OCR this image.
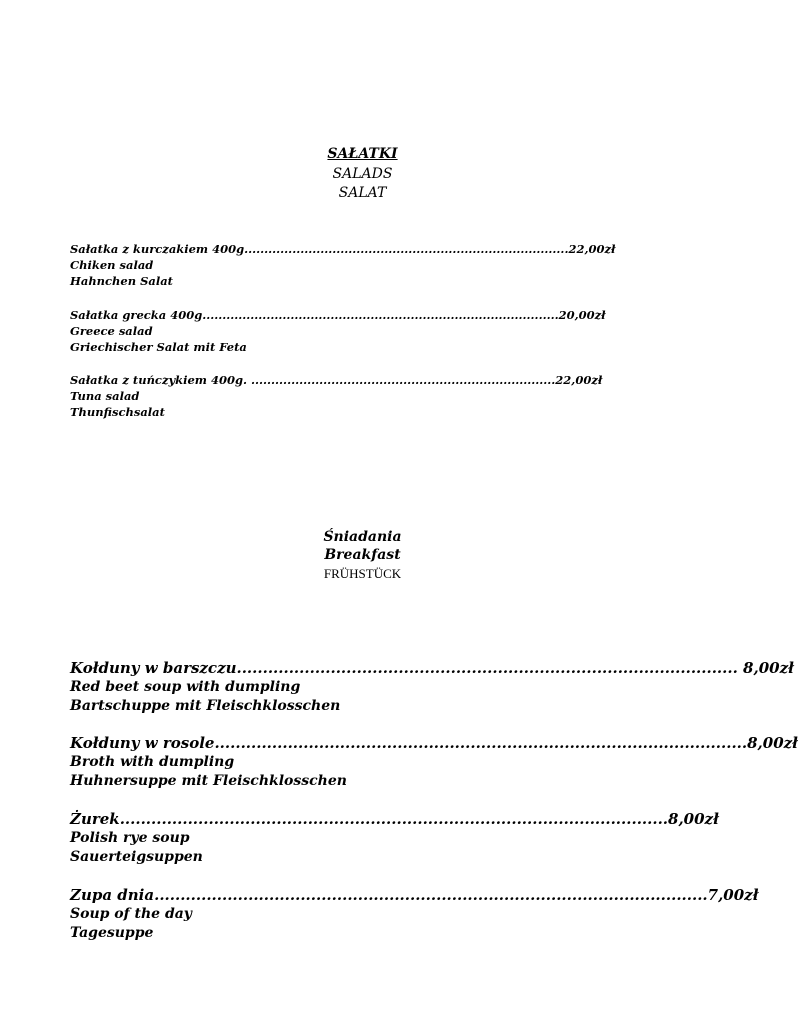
SAŁATKI
SALADS
SALAT
Sałatka z kurczakiem 400g.................................................................................22,00zł
Chiken salad
Hahnchen Salat
Sałatka grecka 400g.........................................................................................20,00zł
Greece salad
Griechischer Salat mit Feta
Sałatka z tuńczykiem 400g. ............................................................................22,00zł
Tuna salad
Thunfischsalat
Śniadania
Breakfast
FRÜHSTÜCK
Kołduny w barszczu................................................................................................ 8,00zł
Red beet soup with dumpling
Bartschuppe mit Fleischklosschen
Kołduny w rosole......................................................................................................8,00zł
Broth with dumpling
Huhnersuppe mit Fleischklosschen
Żurek.........................................................................................................8,00zł
Polish rye soup
Sauerteigsuppen
Zupa dnia..........................................................................................................7,00zł
Soup of the day
Tagesuppe
